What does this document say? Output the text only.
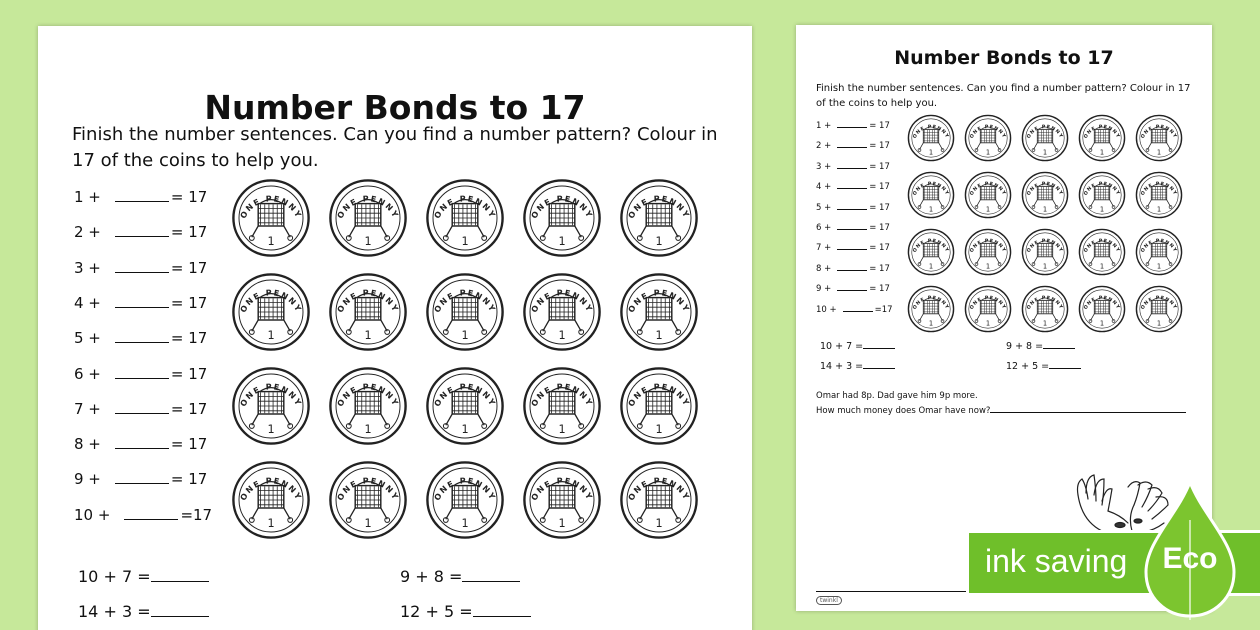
Number Bonds to 17
Finish the number sentences. Can you find a number pattern? Colour in 17 of the coins to help you.
1 +	= 17
2 +	= 17
3 +	= 17
4 +	= 17
5 +	= 17
6 +	= 17
7 +	= 17
8 +	= 17
9 +	= 17
10 +	=17
ONE PENNY
1
ONE PENNY
1
ONE PENNY
1
ONE PENNY
1
ONE PENNY
1
ONE PENNY
1
ONE PENNY
1
ONE PENNY
1
ONE PENNY
1
ONE PENNY
1
ONE PENNY
1
ONE PENNY
1
ONE PENNY
1
ONE PENNY
1
ONE PENNY
1
ONE PENNY
1
ONE PENNY
1
ONE PENNY
1
ONE PENNY
1
ONE PENNY
1
10 + 7 =	9 + 8 =
14 + 3 =	12 + 5 =
Number Bonds to 17
Finish the number sentences. Can you find a number pattern? Colour in 17 of the coins to help you.
1 +	= 17
2 +	= 17
3 +	= 17
4 +	= 17
5 +	= 17
6 +	= 17
7 +	= 17
8 +	= 17
9 +	= 17
10 +	=17
ONE PENNY
1
ONE PENNY
1
ONE PENNY
1
ONE PENNY
1
ONE PENNY
1
ONE PENNY
1
ONE PENNY
1
ONE PENNY
1
ONE PENNY
1
ONE PENNY
1
ONE PENNY
1
ONE PENNY
1
ONE PENNY
1
ONE PENNY
1
ONE PENNY
1
ONE PENNY
1
ONE PENNY
1
ONE PENNY
1
ONE PENNY
1
ONE PENNY
1
10 + 7 =	9 + 8 =
14 + 3 =	12 + 5 =
Omar had 8p. Dad gave him 9p more.
How much money does Omar have now?
twinkl
ink saving	Eco
